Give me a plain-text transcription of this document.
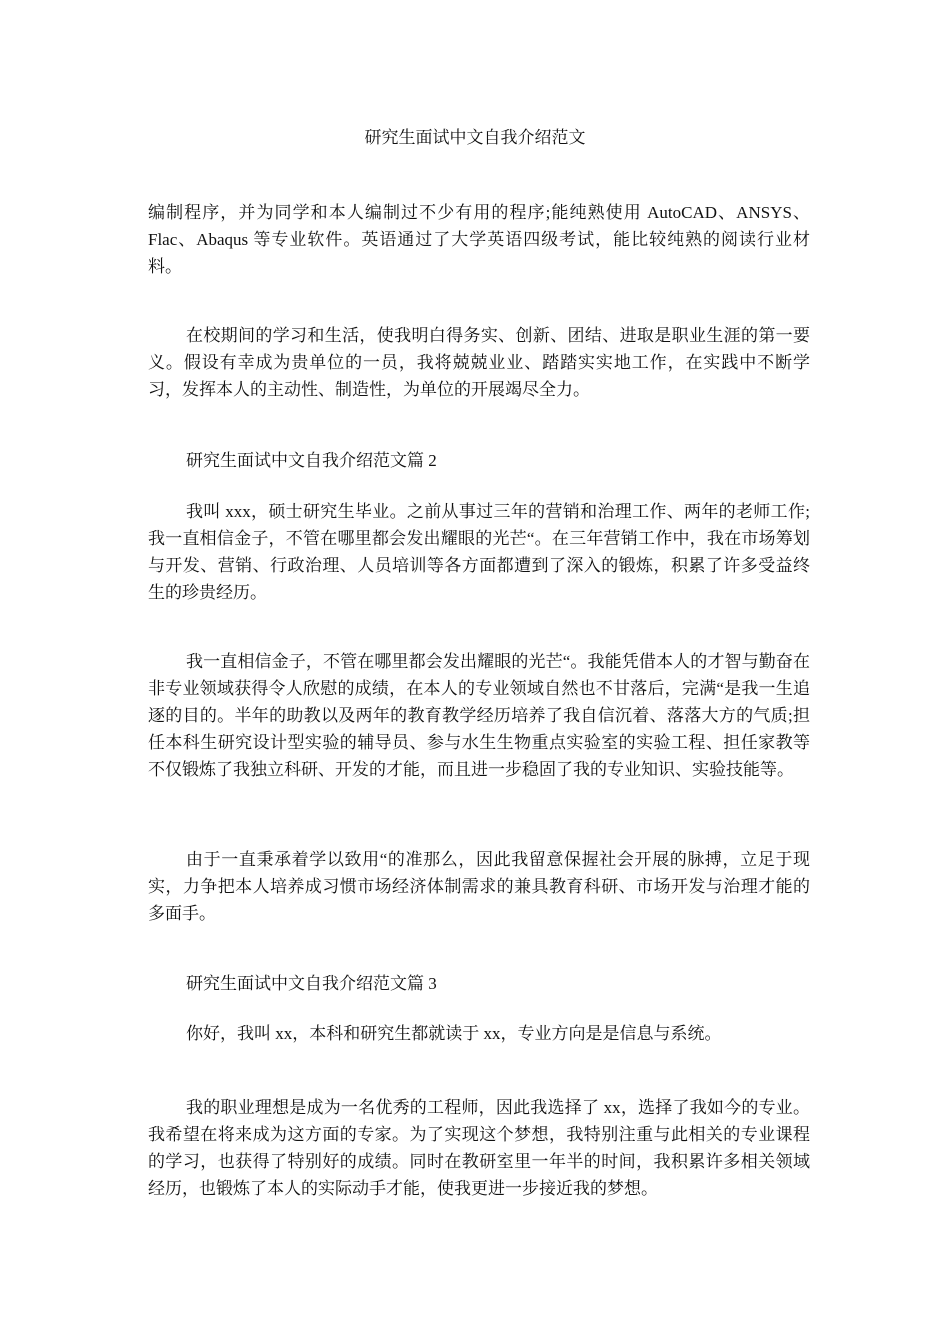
研究生面试中文自我介绍范文

编制程序，并为同学和本人编制过不少有用的程序;能纯熟使用 AutoCAD、ANSYS、Flac、Abaqus 等专业软件。英语通过了大学英语四级考试，能比较纯熟的阅读行业材料。

在校期间的学习和生活，使我明白得务实、创新、团结、进取是职业生涯的第一要义。假设有幸成为贵单位的一员，我将兢兢业业、踏踏实实地工作，在实践中不断学习，发挥本人的主动性、制造性，为单位的开展竭尽全力。

研究生面试中文自我介绍范文篇 2

我叫 xxx，硕士研究生毕业。之前从事过三年的营销和治理工作、两年的老师工作;我一直相信金子，不管在哪里都会发出耀眼的光芒“。在三年营销工作中，我在市场筹划与开发、营销、行政治理、人员培训等各方面都遭到了深入的锻炼，积累了许多受益终生的珍贵经历。

我一直相信金子，不管在哪里都会发出耀眼的光芒“。我能凭借本人的才智与勤奋在非专业领域获得令人欣慰的成绩，在本人的专业领域自然也不甘落后，完满“是我一生追逐的目的。半年的助教以及两年的教育教学经历培养了我自信沉着、落落大方的气质;担任本科生研究设计型实验的辅导员、参与水生生物重点实验室的实验工程、担任家教等不仅锻炼了我独立科研、开发的才能，而且进一步稳固了我的专业知识、实验技能等。

由于一直秉承着学以致用“的准那么，因此我留意保握社会开展的脉搏，立足于现实，力争把本人培养成习惯市场经济体制需求的兼具教育科研、市场开发与治理才能的多面手。

研究生面试中文自我介绍范文篇 3

你好，我叫 xx，本科和研究生都就读于 xx，专业方向是是信息与系统。

我的职业理想是成为一名优秀的工程师，因此我选择了 xx，选择了我如今的专业。我希望在将来成为这方面的专家。为了实现这个梦想，我特别注重与此相关的专业课程的学习，也获得了特别好的成绩。同时在教研室里一年半的时间，我积累许多相关领域经历，也锻炼了本人的实际动手才能，使我更进一步接近我的梦想。
